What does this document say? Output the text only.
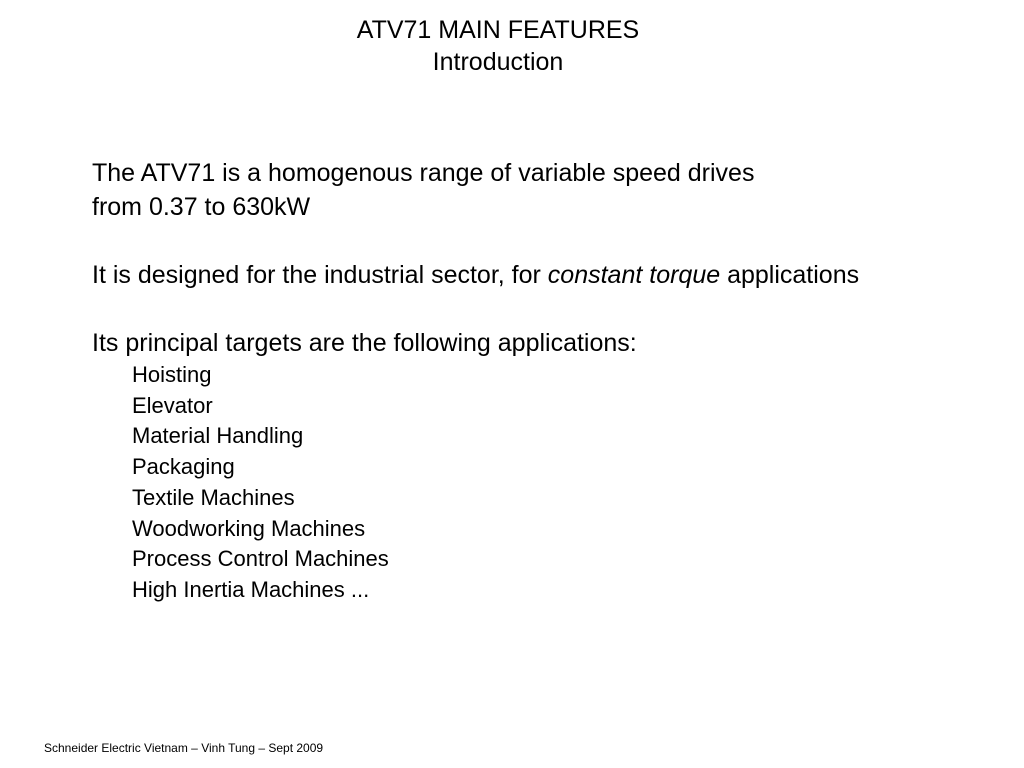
ATV71 MAIN FEATURES
Introduction

The ATV71 is a homogenous range of variable speed drives

from 0.37 to 630kW

It is designed for the industrial sector, for constant torque applications

Its principal targets are the following applications:

Hoisting
Elevator
Material Handling
Packaging
Textile Machines
Woodworking Machines
Process Control Machines
High Inertia Machines ...
Schneider Electric Vietnam – Vinh Tung – Sept 2009
